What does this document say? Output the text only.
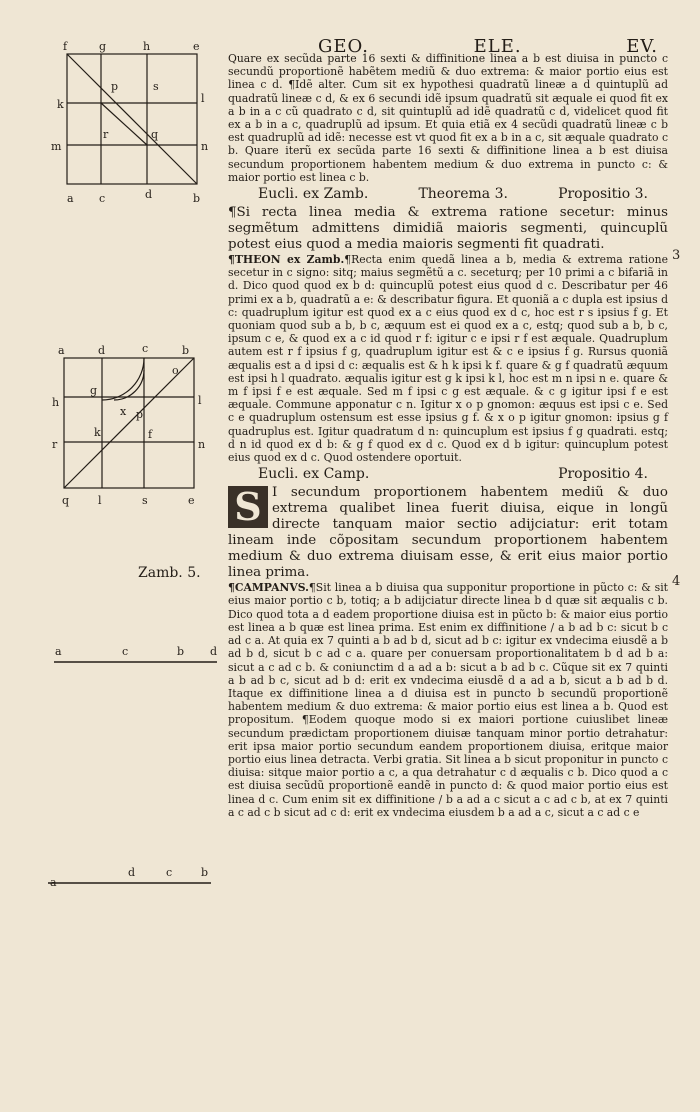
GEO.	ELE.	EV.
f	g	h	e
k	l
p	s
r	q
m	n
a c	d	b
a	d	c	b
o
g
h
x p
k	f
l
r	n
q	l	s	e
a	c	b d
a
d	c	b
3
4
Zamb. 5.

Quare ex secũda parte 16 sexti & diffinitione linea a b est diuisa in puncto c secundũ proportionẽ habẽtem mediũ & duo extrema: & maior portio eius est linea c d. ¶Idẽ alter. Cum sit ex hypothesi quadratũ lineæ a d quintuplũ ad quadratũ lineæ c d, & ex 6 secundi idẽ ipsum quadratũ sit æquale ei quod fit ex a b in a c cũ quadrato c d, sit quintuplũ ad idẽ quadratũ c d, videlicet quod fit ex a b in a c, quadruplũ ad ipsum. Et quia etiã ex 4 secũdi quadratũ lineæ c b est quadruplũ ad idẽ: necesse est vt quod fit ex a b in a c, sit æquale quadrato c b. Quare iterũ ex secũda parte 16 sexti & diffinitione linea a b est diuisa secundum proportionem habentem medium & duo extrema in puncto c: & maior portio est linea c b.

Eucli. ex Zamb.	Theorema 3.	Propositio 3.

¶Si recta linea media & extrema ratione secetur: minus segmẽtum admittens dimidiã maioris segmenti, quincuplũ potest eius quod a media maioris segmenti fit quadrati.

¶THEON ex Zamb.¶Recta enim quedã linea a b, media & extrema ratione secetur in c signo: sitq; maius segmẽtũ a c. seceturq; per 10 primi a c bifariã in d. Dico quod quod ex b d: quincuplũ potest eius quod d c. Describatur per 46 primi ex a b, quadratũ a e: & describatur figura. Et quoniã a c dupla est ipsius d c: quadruplum igitur est quod ex a c eius quod ex d c, hoc est r s ipsius f g. Et quoniam quod sub a b, b c, æquum est ei quod ex a c, estq; quod sub a b, b c, ipsum c e, & quod ex a c id quod r f: igitur c e ipsi r f est æquale. Quadruplum autem est r f ipsius f g, quadruplum igitur est & c e ipsius f g. Rursus quoniã æqualis est a d ipsi d c: æqualis est & h k ipsi k f. quare & g f quadratũ æquum est ipsi h l quadrato. æqualis igitur est g k ipsi k l, hoc est m n ipsi n e. quare & m f ipsi f e est æquale. Sed m f ipsi c g est æquale. & c g igitur ipsi f e est æquale. Commune apponatur c n. Igitur x o p gnomon: æquus est ipsi c e. Sed c e quadruplum ostensum est esse ipsius g f. & x o p igitur gnomon: ipsius g f quadruplus est. Igitur quadratum d n: quincuplum est ipsius f g quadrati. estq; d n id quod ex d b: & g f quod ex d c. Quod ex d b igitur: quincuplum potest eius quod ex d c. Quod ostendere oportuit.

Eucli. ex Camp.	Propositio 4.

S I secundum proportionem habentem mediũ & duo extrema qualibet linea fuerit diuisa, eique in longũ directe tanquam maior sectio adijciatur: erit totam lineam inde cõpositam secundum proportionem habentem medium & duo extrema diuisam esse, & erit eius maior portio linea prima.

¶CAMPANVS.¶Sit linea a b diuisa qua supponitur proportione in pũcto c: & sit eius maior portio c b, totiq; a b adijciatur directe linea b d quæ sit æqualis c b. Dico quod tota a d eadem proportione diuisa est in pũcto b: & maior eius portio est linea a b quæ est linea prima. Est enim ex diffinitione / a b ad b c: sicut b c ad c a. At quia ex 7 quinti a b ad b d, sicut ad b c: igitur ex vndecima eiusdẽ a b ad b d, sicut b c ad c a. quare per conuersam proportionalitatem b d ad b a: sicut a c ad c b. & coniunctim d a ad a b: sicut a b ad b c. Cũque sit ex 7 quinti a b ad b c, sicut ad b d: erit ex vndecima eiusdẽ d a ad a b, sicut a b ad b d. Itaque ex diffinitione linea a d diuisa est in puncto b secundũ proportionẽ habentem medium & duo extrema: & maior portio eius est linea a b. Quod est propositum. ¶Eodem quoque modo si ex maiori portione cuiuslibet lineæ secundum prædictam proportionem diuisæ tanquam minor portio detrahatur: erit ipsa maior portio secundum eandem proportionem diuisa, eritque maior portio eius linea detracta. Verbi gratia. Sit linea a b sicut proponitur in puncto c diuisa: sitque maior portio a c, a qua detrahatur c d æqualis c b. Dico quod a c est diuisa secũdũ proportionẽ eandẽ in puncto d: & quod maior portio eius est linea d c. Cum enim sit ex diffinitione / b a ad a c sicut a c ad c b, at ex 7 quinti a c ad c b sicut ad c d: erit ex vndecima eiusdem b a ad a c, sicut a c ad c e
